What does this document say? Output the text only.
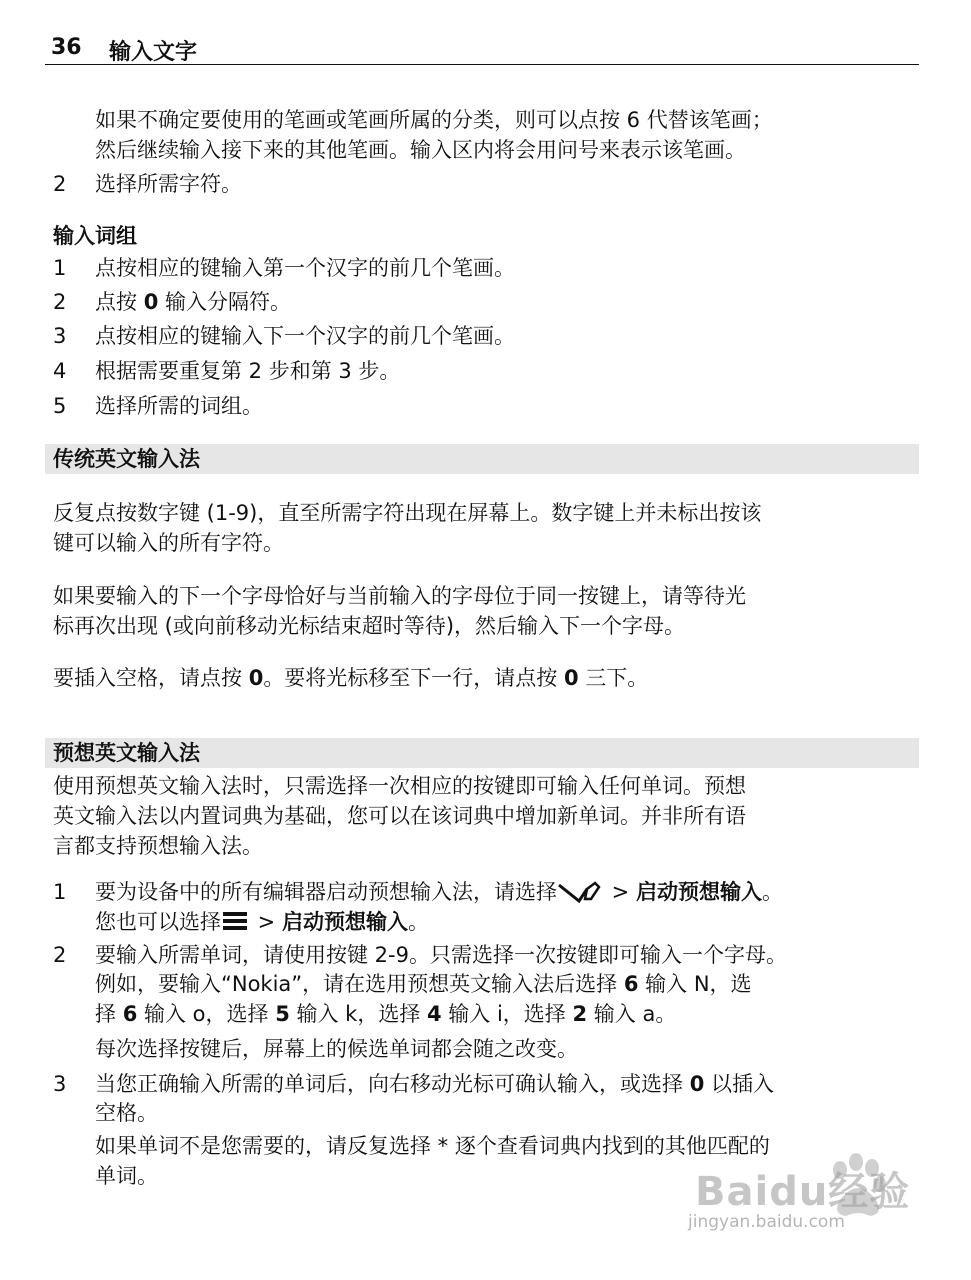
36 输入文字

如果不确定要使用的笔画或笔画所属的分类，则可以点按 6 代替该笔画；

然后继续输入接下来的其他笔画。输入区内将会用问号来表示该笔画。

2	选择所需字符。

输入词组
1	点按相应的键输入第一个汉字的前几个笔画。

2	点按 0 输入分隔符。

3	点按相应的键输入下一个汉字的前几个笔画。

4	根据需要重复第 2 步和第 3 步。

5	选择所需的词组。

传统英文输入法

反复点按数字键 (1-9)，直至所需字符出现在屏幕上。数字键上并未标出按该

键可以输入的所有字符。

如果要输入的下一个字母恰好与当前输入的字母位于同一按键上，请等待光

标再次出现 (或向前移动光标结束超时等待)，然后输入下一个字母。

要插入空格，请点按 0。要将光标移至下一行，请点按 0 三下。

预想英文输入法

使用预想英文输入法时，只需选择一次相应的按键即可输入任何单词。预想

英文输入法以内置词典为基础，您可以在该词典中增加新单词。并非所有语

言都支持预想输入法。

1	要为设备中的所有编辑器启动预想输入法，请选择 > 启动预想输入。

您也可以选择 > 启动预想输入。

2	要输入所需单词，请使用按键 2-9。只需选择一次按键即可输入一个字母。

例如，要输入“Nokia”，请在选用预想英文输入法后选择 6 输入 N，选

择 6 输入 o，选择 5 输入 k，选择 4 输入 i，选择 2 输入 a。

每次选择按键后，屏幕上的候选单词都会随之改变。

3	当您正确输入所需的单词后，向右移动光标可确认输入，或选择 0 以插入

空格。

如果单词不是您需要的，请反复选择 * 逐个查看词典内找到的其他匹配的

单词。	Baidu经验
jingyan.baidu.com
